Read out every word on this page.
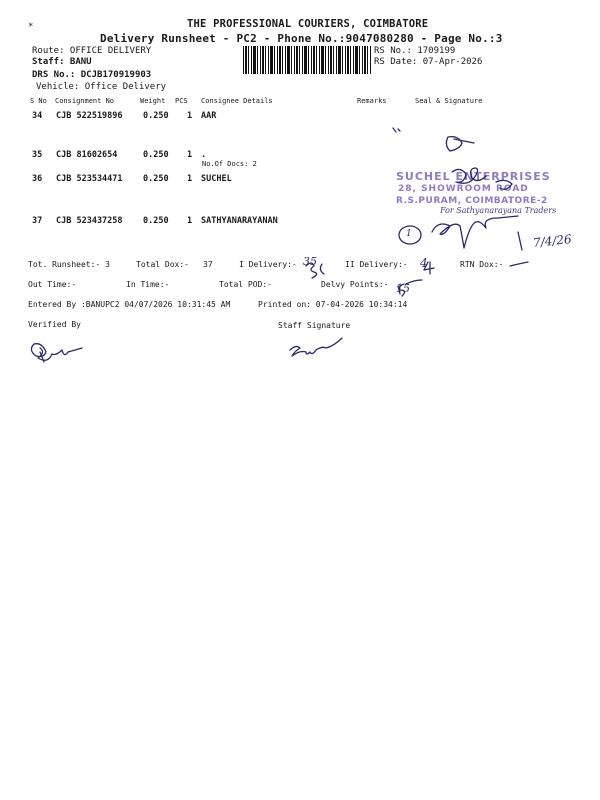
*	THE PROFESSIONAL COURIERS, COIMBATORE
Delivery Runsheet - PC2 - Phone No.:9047080280 - Page No.:3
Route: OFFICE DELIVERY
Staff: BANU
DRS No.: DCJB170919903
Vehicle: Office Delivery
RS No.: 1709199
RS Date: 07-Apr-2026
S No Consignment No	Weight PCS Consignee Details	Remarks	Seal & Signature
34 CJB 522519896 0.250 1 AAR
35 CJB 81602654	0.250 1 .
No.Of Docs: 2
36 CJB 523534471 0.250 1 SUCHEL
37 CJB 523437258 0.250 1 SATHYANARAYANAN
SUCHEL ENTERPRISES
28, SHOWROOM ROAD
R.S.PURAM, COIMBATORE-2
For Sathyanarayana Traders
7/4/26
1
Tot. Runsheet:- 3	Total Dox:- 37	I Delivery:- 35	II Delivery:- 4	RTN Dox:-
Out Time:-	In Time:-	Total POD:-	Delvy Points:- 15
Entered By :BANUPC2 04/07/2026 10:31:45 AM	Printed on: 07-04-2026 10:34:14
Verified By	Staff Signature
